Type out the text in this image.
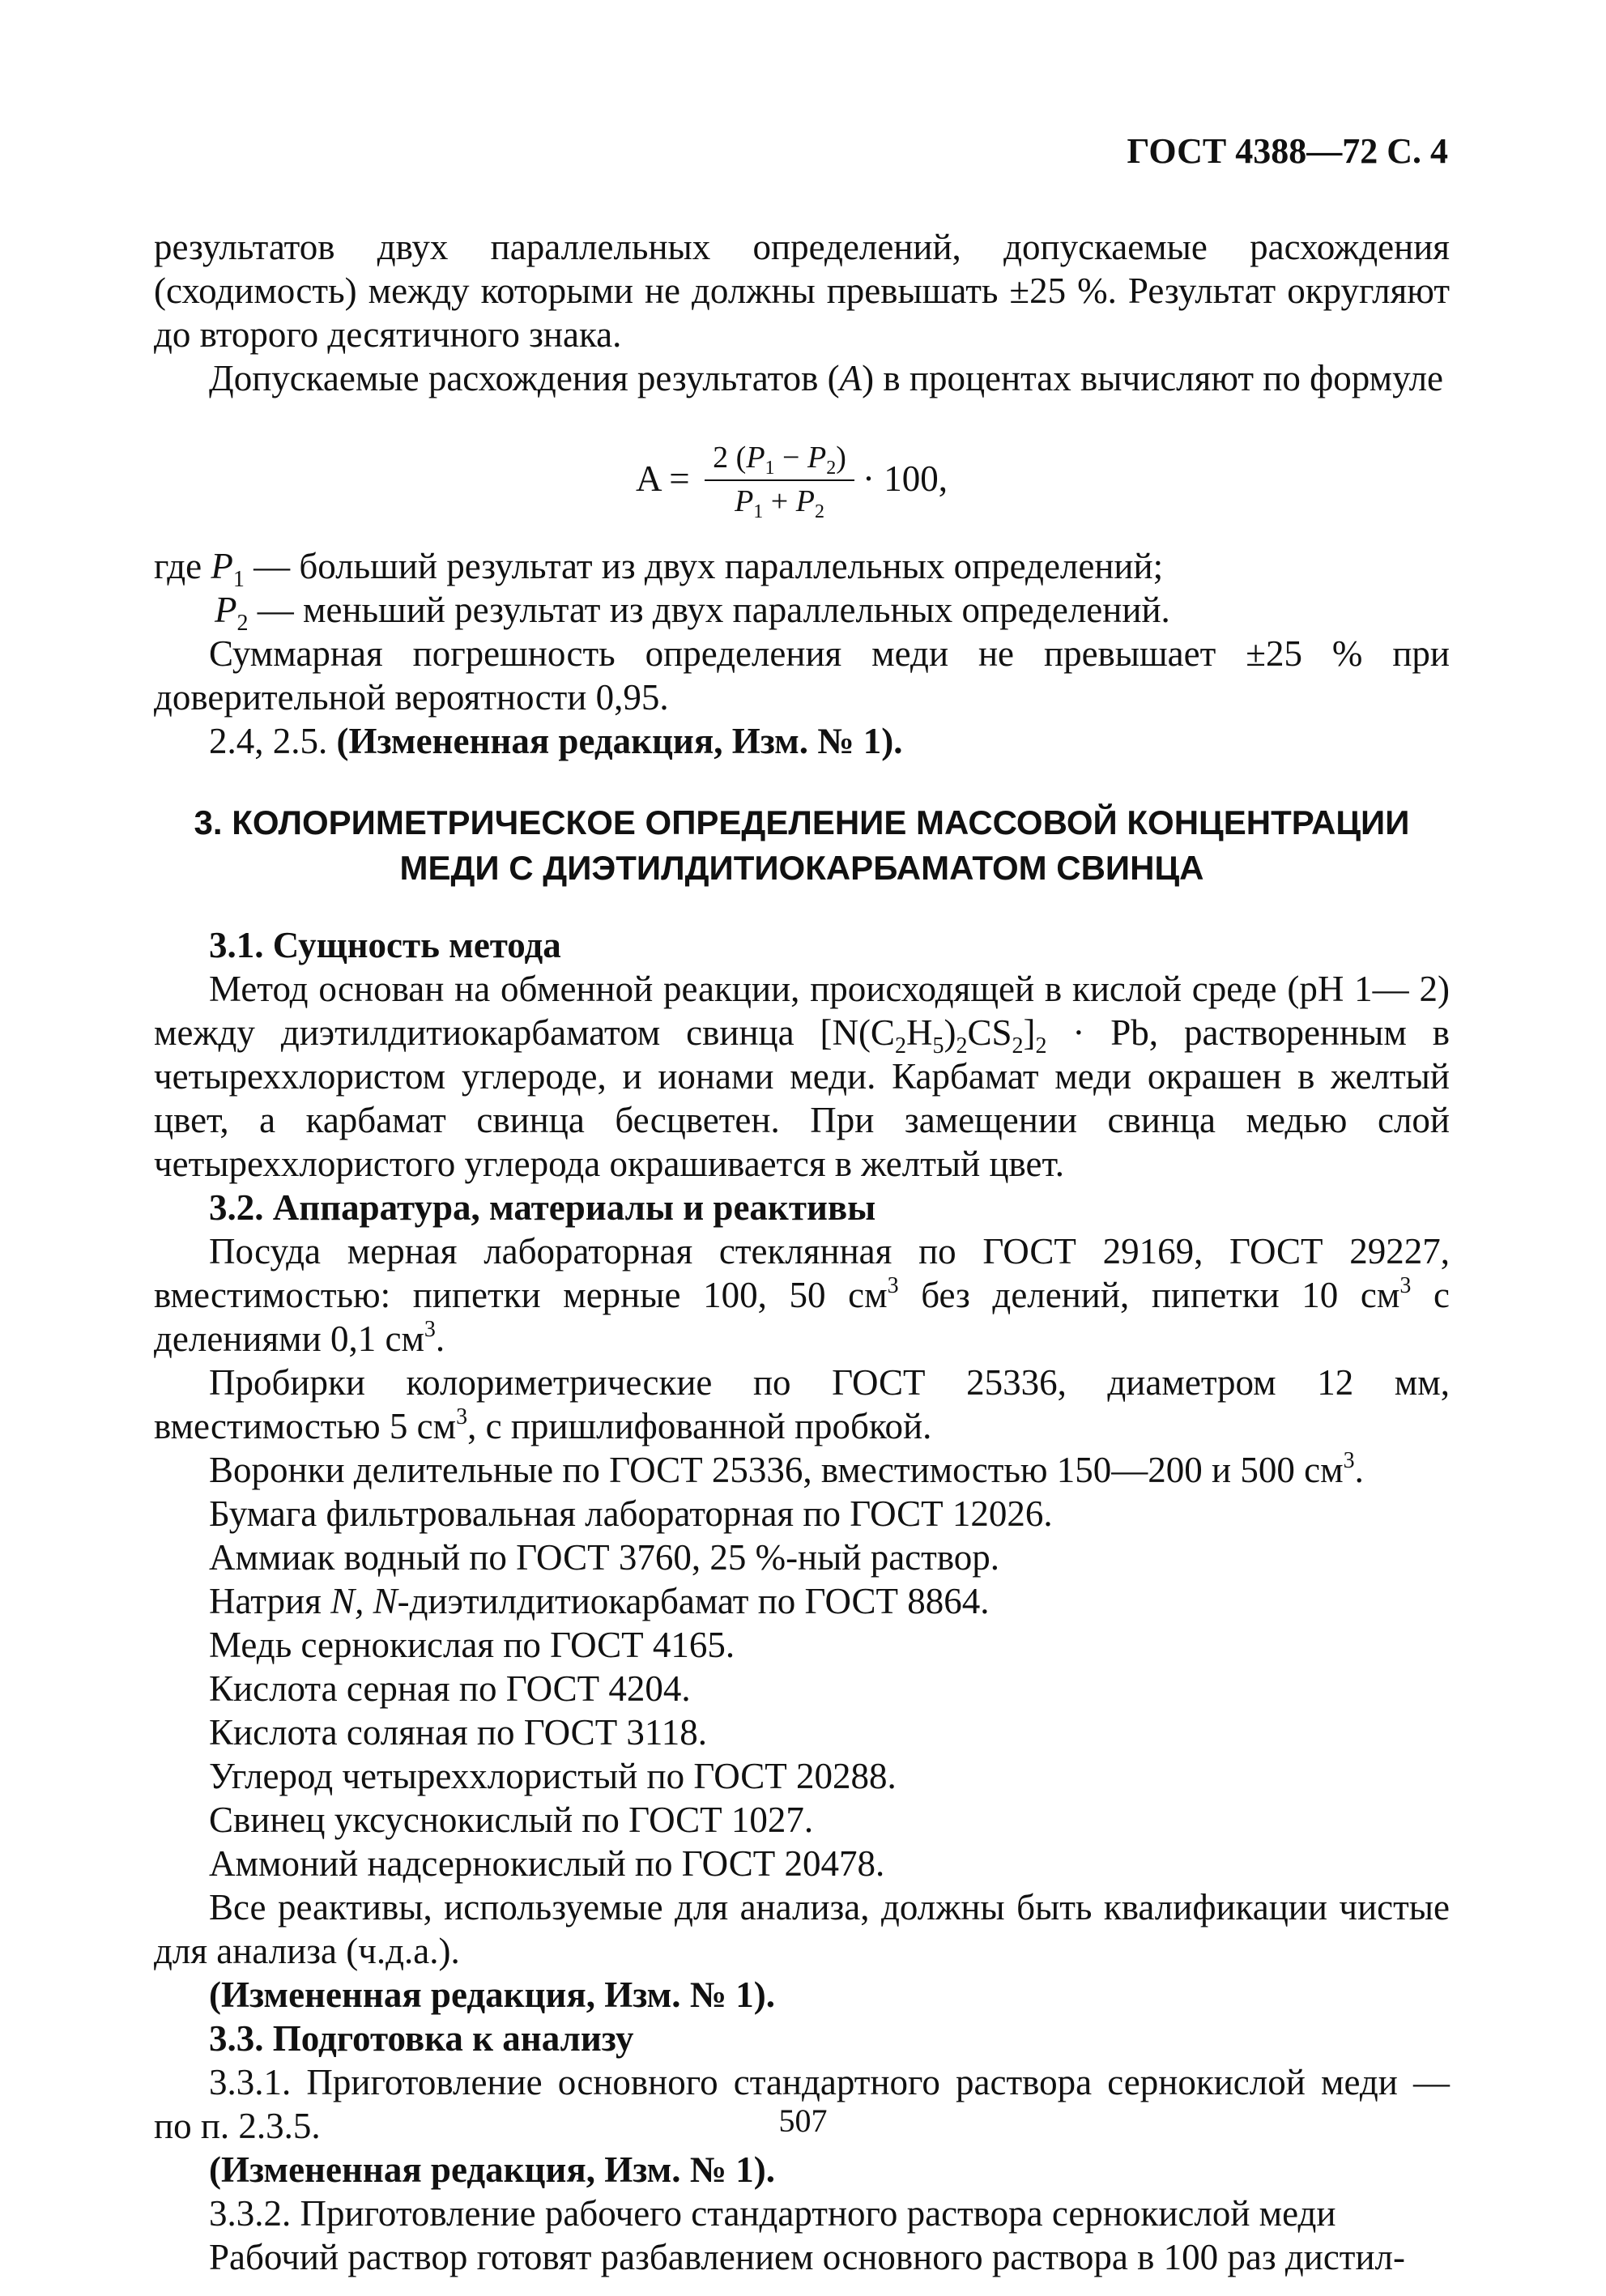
ГОСТ 4388—72 С. 4

результатов двух параллельных определений, допускаемые расхождения (сходимость) между которыми не должны превышать ±25 %. Результат округляют до второго десятичного знака.

Допускаемые расхождения результатов (А) в процентах вычисляют по формуле

$A = \frac{2 (P_1 - P_2)}{P_1 + P_2} \cdot 100$,

где $P_1$ — больший результат из двух параллельных определений;

$P_2$ — меньший результат из двух параллельных определений.

Суммарная погрешность определения меди не превышает ±25 % при доверительной вероятности 0,95.

2.4, 2.5. (Измененная редакция, Изм. № 1).

3. КОЛОРИМЕТРИЧЕСКОЕ ОПРЕДЕЛЕНИЕ МАССОВОЙ КОНЦЕНТРАЦИИ
МЕДИ С ДИЭТИЛДИТИОКАРБАМАТОМ СВИНЦА

3.1. Сущность метода

Метод основан на обменной реакции, происходящей в кислой среде (pH 1— 2) между диэтилдитиокарбаматом свинца $[N(C_2H_5)_2CS_2]_2 \cdot Pb$, растворенным в четыреххлористом углероде, и ионами меди. Карбамат меди окрашен в желтый цвет, а карбамат свинца бесцветен. При замещении свинца медью слой четыреххлористого углерода окрашивается в желтый цвет.

3.2. Аппаратура, материалы и реактивы

Посуда мерная лабораторная стеклянная по ГОСТ 29169, ГОСТ 29227, вместимостью: пипетки мерные 100, 50 $см^3$ без делений, пипетки 10 $см^3$ с делениями 0,1 $см^3$.

Пробирки колориметрические по ГОСТ 25336, диаметром 12 мм, вместимостью 5 $см^3$, с пришлифованной пробкой.

Воронки делительные по ГОСТ 25336, вместимостью 150—200 и 500 $см^3$.

Бумага фильтровальная лабораторная по ГОСТ 12026.

Аммиак водный по ГОСТ 3760, 25 %-ный раствор.

Натрия N, N-диэтилдитиокарбамат по ГОСТ 8864.

Медь сернокислая по ГОСТ 4165.

Кислота серная по ГОСТ 4204.

Кислота соляная по ГОСТ 3118.

Углерод четыреххлористый по ГОСТ 20288.

Свинец уксуснокислый по ГОСТ 1027.

Аммоний надсернокислый по ГОСТ 20478.

Все реактивы, используемые для анализа, должны быть квалификации чистые для анализа (ч.д.а.).

(Измененная редакция, Изм. № 1).

3.3. Подготовка к анализу

3.3.1. Приготовление основного стандартного раствора сернокислой меди — по п. 2.3.5.

(Измененная редакция, Изм. № 1).

3.3.2. Приготовление рабочего стандартного раствора сернокислой меди

Рабочий раствор готовят разбавлением основного раствора в 100 раз дистил-

507
